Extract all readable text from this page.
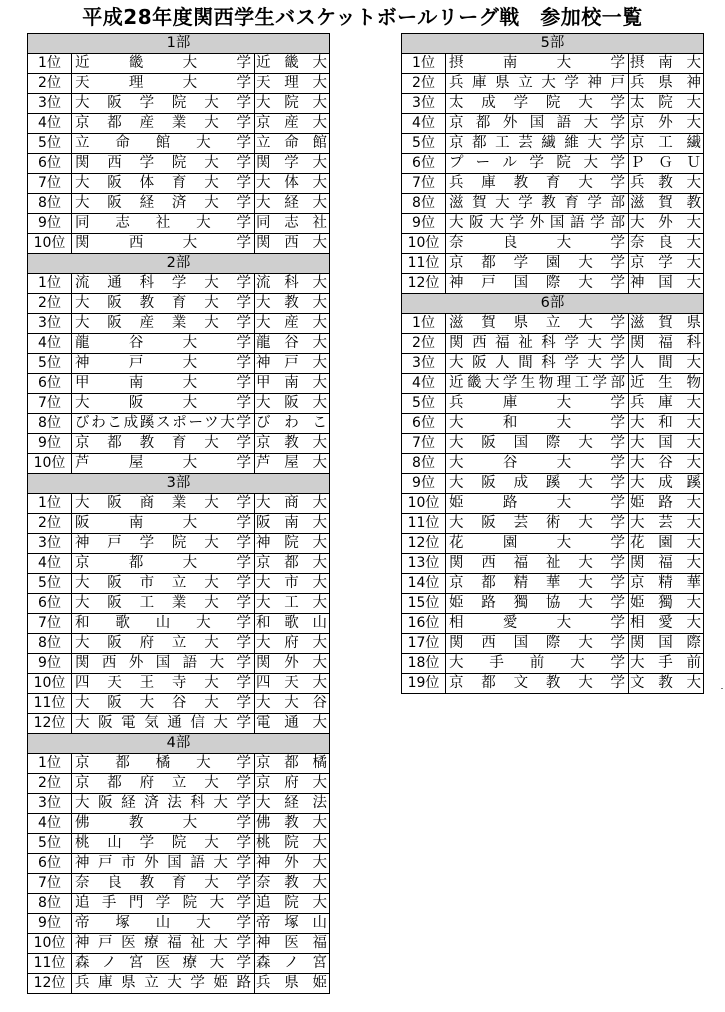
平成28年度関西学生バスケットボールリーグ戦　参加校一覧
1部		
1位	近　畿　大　学	近畿大
2位	天　理　大　学	天理大
3位	大阪学院大学	大院大
4位	京都産業大学	京産大
5位	立　命　館　大　学	立命館
6位	関西学院大学	関学大
7位	大阪体育大学	大体大
8位	大阪経済大学	大経大
9位	同　志　社　大　学	同志社
10位	関　西　大　学	関西大
2部		
1位	流通科学大学	流科大
2位	大阪教育大学	大教大
3位	大阪産業大学	大産大
4位	龍　谷　大　学	龍谷大
5位	神　戸　大　学	神戸大
6位	甲　南　大　学	甲南大
7位	大　阪　大　学	大阪大
8位	びわこ成蹊スポーツ大学	びわこ
9位	京都教育大学	京教大
10位	芦　屋　大　学	芦屋大
3部		
1位	大阪商業大学	大商大
2位	阪　南　大　学	阪南大
3位	神戸学院大学	神院大
4位	京　都　大　学	京都大
5位	大阪市立大学	大市大
6位	大阪工業大学	大工大
7位	和　歌　山　大　学	和歌山
8位	大阪府立大学	大府大
9位	関西外国語大学	関外大
10位	四天王寺大学	四天大
11位	大阪大谷大学	大大谷
12位	大阪電気通信大学	電通大
4部		
1位	京　都　橘　大　学	京都橘
2位	京都府立大学	京府大
3位	大阪経済法科大学	大経法
4位	佛　教　大　学	佛教大
5位	桃山学院大学	桃院大
6位	神戸市外国語大学	神外大
7位	奈良教育大学	奈教大
8位	追手門学院大学	追院大
9位	帝　塚　山　大　学	帝塚山
10位	神戸医療福祉大学	神医福
11位	森ノ宮医療大学	森ノ宮
12位	兵庫県立大学姫路	兵県姫
5部		
1位	摂　南　大　学	摂南大
2位	兵庫県立大学神戸	兵県神
3位	太成学院大学	太院大
4位	京都外国語大学	京外大
5位	京都工芸繊維大学	京工繊
6位	プール学院大学	ＰＧＵ
7位	兵庫教育大学	兵教大
8位	滋賀大学教育学部	滋賀教
9位	大阪大学外国語学部	大外大
10位	奈　良　大　学	奈良大
11位	京都学園大学	京学大
12位	神戸国際大学	神国大
6部		
1位	滋賀県立大学	滋賀県
2位	関西福祉科学大学	関福科
3位	大阪人間科学大学	人間大
4位	近畿大学生物理工学部	近生物
5位	兵　庫　大　学	兵庫大
6位	大　和　大　学	大和大
7位	大阪国際大学	大国大
8位	大　谷　大　学	大谷大
9位	大阪成蹊大学	大成蹊
10位	姫　路　大　学	姫路大
11位	大阪芸術大学	大芸大
12位	花　園　大　学	花園大
13位	関西福祉大学	関福大
14位	京都精華大学	京精華
15位	姫路獨協大学	姫獨大
16位	相　愛　大　学	相愛大
17位	関西国際大学	関国際
18位	大手前大学	大手前
19位	京都文教大学	文教大
